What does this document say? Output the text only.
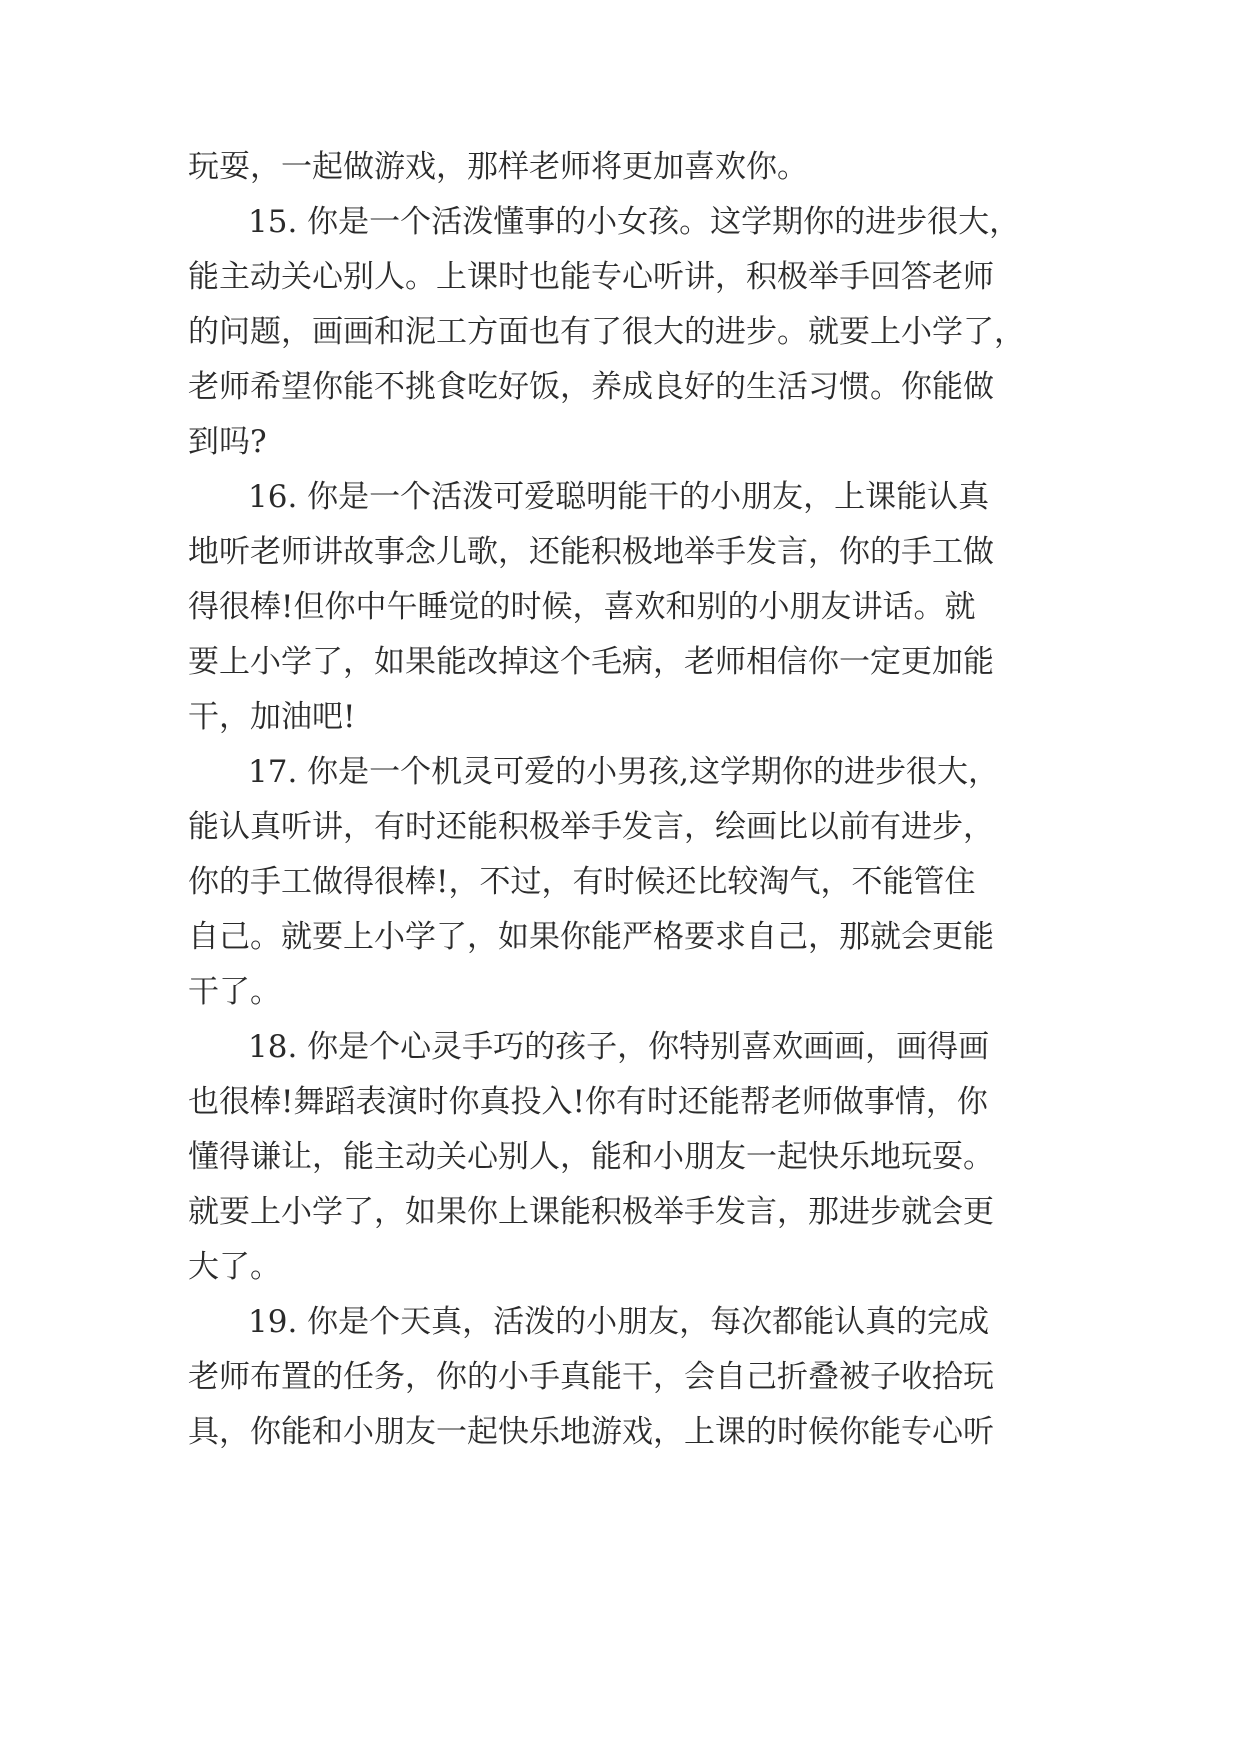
玩耍，一起做游戏，那样老师将更加喜欢你。
15. 你是一个活泼懂事的小女孩。这学期你的进步很大，
能主动关心别人。上课时也能专心听讲，积极举手回答老师
的问题，画画和泥工方面也有了很大的进步。就要上小学了，
老师希望你能不挑食吃好饭，养成良好的生活习惯。你能做
到吗?
16. 你是一个活泼可爱聪明能干的小朋友，上课能认真
地听老师讲故事念儿歌，还能积极地举手发言，你的手工做
得很棒!但你中午睡觉的时候，喜欢和别的小朋友讲话。就
要上小学了，如果能改掉这个毛病，老师相信你一定更加能
干，加油吧!
17. 你是一个机灵可爱的小男孩,这学期你的进步很大，
能认真听讲，有时还能积极举手发言，绘画比以前有进步，
你的手工做得很棒!，不过，有时候还比较淘气，不能管住
自己。就要上小学了，如果你能严格要求自己，那就会更能
干了。
18. 你是个心灵手巧的孩子，你特别喜欢画画，画得画
也很棒!舞蹈表演时你真投入!你有时还能帮老师做事情，你
懂得谦让，能主动关心别人，能和小朋友一起快乐地玩耍。
就要上小学了，如果你上课能积极举手发言，那进步就会更
大了。
19. 你是个天真，活泼的小朋友，每次都能认真的完成
老师布置的任务，你的小手真能干，会自己折叠被子收拾玩
具，你能和小朋友一起快乐地游戏，上课的时候你能专心听
